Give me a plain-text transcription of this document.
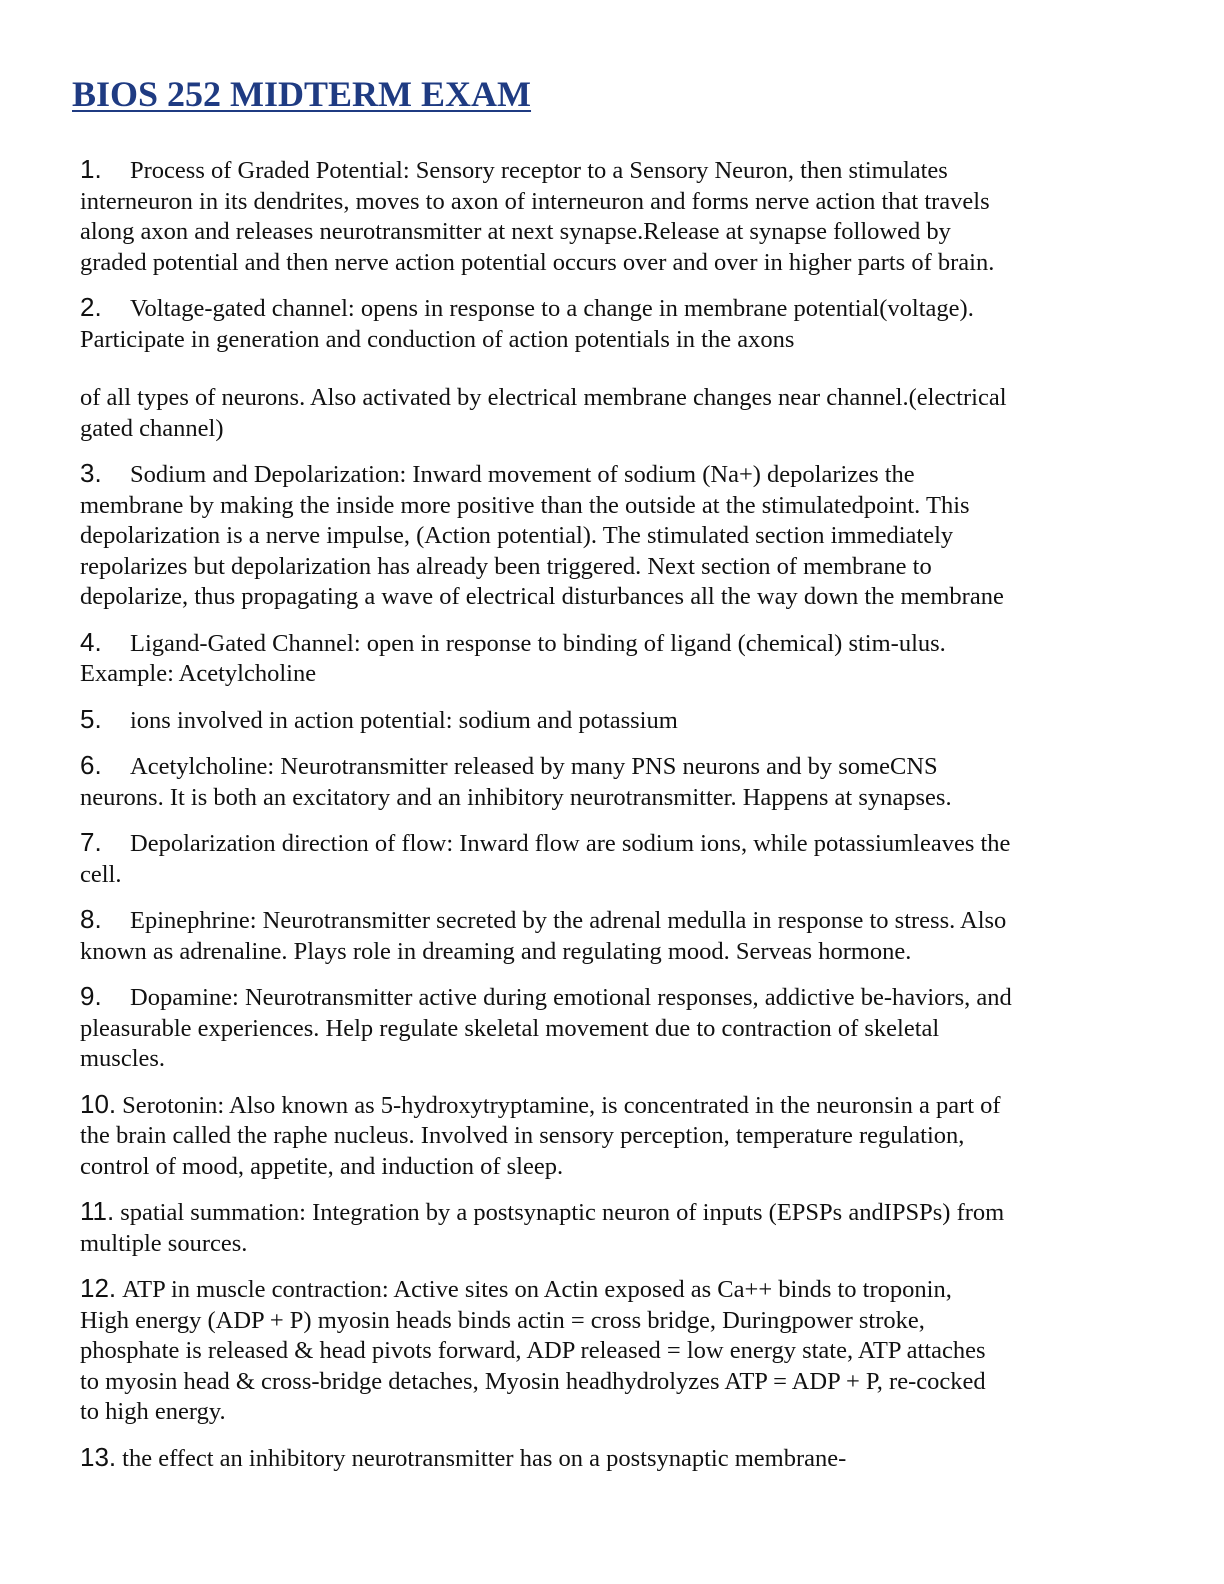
BIOS 252 MIDTERM EXAM
1. Process of Graded Potential: Sensory receptor to a Sensory Neuron, then stimulates
interneuron in its dendrites, moves to axon of interneuron and forms nerve action that travels
along axon and releases neurotransmitter at next synapse.Release at synapse followed by
graded potential and then nerve action potential occurs over and over in higher parts of brain.
2. Voltage-gated channel: opens in response to a change in membrane potential(voltage).
Participate in generation and conduction of action potentials in the axons
of all types of neurons. Also activated by electrical membrane changes near channel.(electrical
gated channel)
3. Sodium and Depolarization: Inward movement of sodium (Na+) depolarizes the
membrane by making the inside more positive than the outside at the stimulatedpoint. This
depolarization is a nerve impulse, (Action potential). The stimulated section immediately
repolarizes but depolarization has already been triggered. Next section of membrane to
depolarize, thus propagating a wave of electrical disturbances all the way down the membrane
4. Ligand-Gated Channel: open in response to binding of ligand (chemical) stim-ulus.
Example: Acetylcholine
5. ions involved in action potential: sodium and potassium
6. Acetylcholine: Neurotransmitter released by many PNS neurons and by someCNS
neurons. It is both an excitatory and an inhibitory neurotransmitter. Happens at synapses.
7. Depolarization direction of flow: Inward flow are sodium ions, while potassiumleaves the
cell.
8. Epinephrine: Neurotransmitter secreted by the adrenal medulla in response to stress. Also
known as adrenaline. Plays role in dreaming and regulating mood. Serveas hormone.
9. Dopamine: Neurotransmitter active during emotional responses, addictive be-haviors, and
pleasurable experiences. Help regulate skeletal movement due to contraction of skeletal
muscles.
10. Serotonin: Also known as 5-hydroxytryptamine, is concentrated in the neuronsin a part of
the brain called the raphe nucleus. Involved in sensory perception, temperature regulation,
control of mood, appetite, and induction of sleep.
11. spatial summation: Integration by a postsynaptic neuron of inputs (EPSPs andIPSPs) from
multiple sources.
12. ATP in muscle contraction: Active sites on Actin exposed as Ca++ binds to troponin,
High energy (ADP + P) myosin heads binds actin = cross bridge, Duringpower stroke,
phosphate is released & head pivots forward, ADP released = low energy state, ATP attaches
to myosin head & cross-bridge detaches, Myosin headhydrolyzes ATP = ADP + P, re-cocked
to high energy.
13. the effect an inhibitory neurotransmitter has on a postsynaptic membrane-
